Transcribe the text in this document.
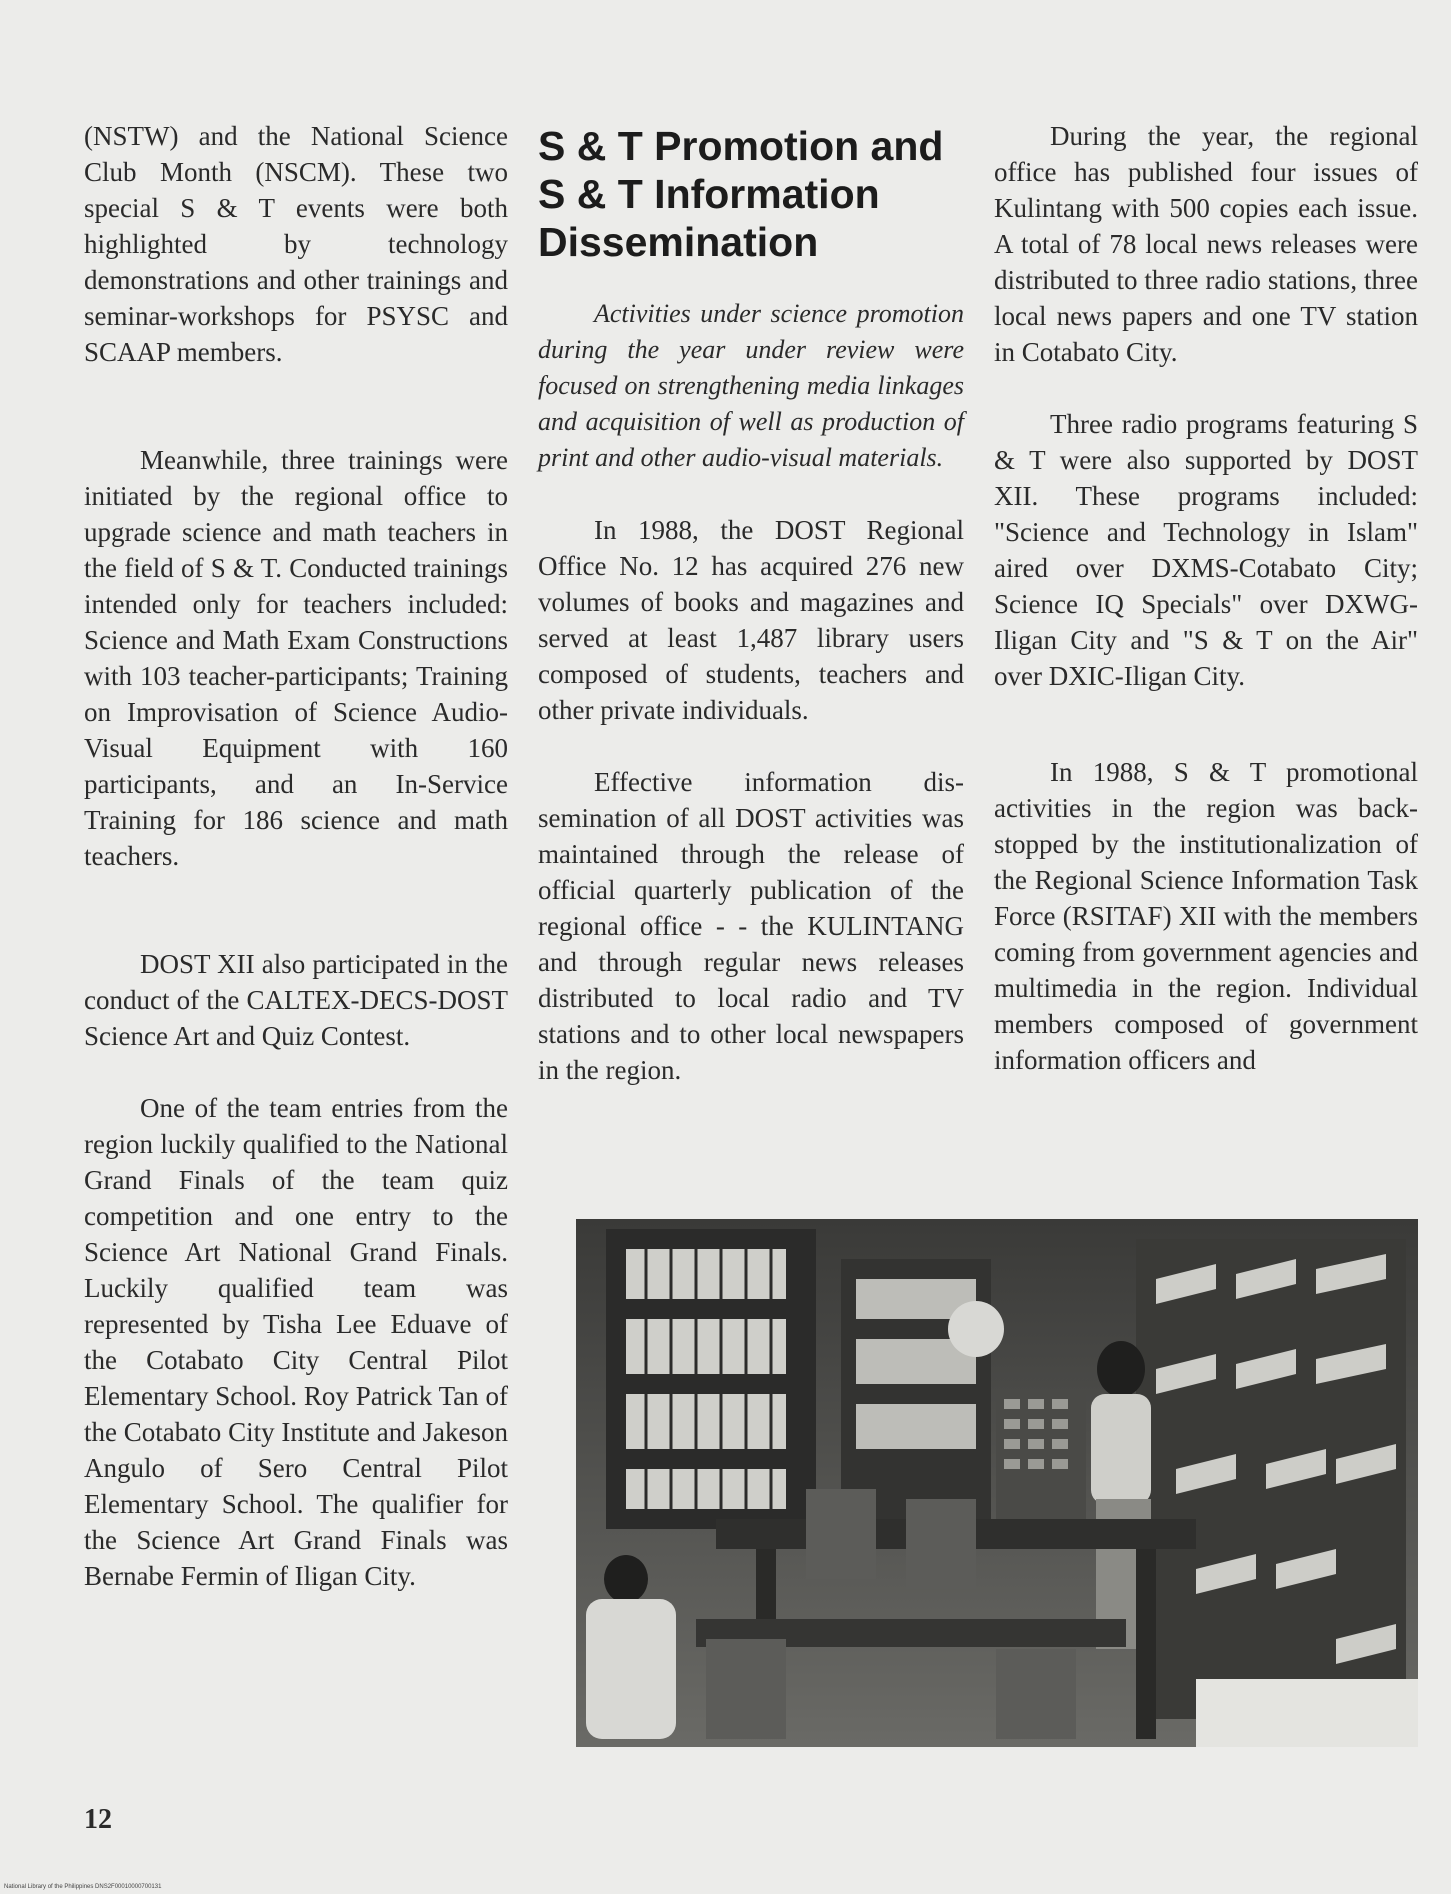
(NSTW) and the National Science Club Month (NSCM). These two special S & T events were both highlighted by technology demonstrations and other trainings and seminar-workshops for PSYSC and SCAAP members.

Meanwhile, three trainings were initiated by the regional office to upgrade science and math teachers in the field of S & T. Conducted trainings intended only for teachers included: Science and Math Exam Constructions with 103 teacher-participants; Training on Improvisation of Science Audio-Visual Equipment with 160 participants, and an In-Service Training for 186 science and math teachers.

DOST XII also participated in the conduct of the CALTEX-DECS-DOST Science Art and Quiz Contest.

One of the team entries from the region luckily qualified to the National Grand Finals of the team quiz competition and one entry to the Science Art National Grand Finals. Luckily qualified team was represented by Tisha Lee Eduave of the Cotabato City Central Pilot Elementary School. Roy Patrick Tan of the Cotabato City Institute and Jakeson Angulo of Sero Central Pilot Elementary School. The qualifier for the Science Art Grand Finals was Bernabe Fermin of Iligan City.

S & T Promotion and S & T Information Dissemination

Activities under science promotion during the year under review were focused on strengthening media linkages and acquisition of well as production of print and other audio-visual materials.

In 1988, the DOST Regional Office No. 12 has acquired 276 new volumes of books and magazines and served at least 1,487 library users composed of students, teachers and other private individuals.

Effective information dissemination of all DOST activities was maintained through the release of official quarterly publication of the regional office - - the KULINTANG and through regular news releases distributed to local radio and TV stations and to other local newspapers in the region.

During the year, the regional office has published four issues of Kulintang with 500 copies each issue. A total of 78 local news releases were distributed to three radio stations, three local news papers and one TV station in Cotabato City.

Three radio programs featuring S & T were also supported by DOST XII. These programs included: "Science and Technology in Islam" aired over DXMS-Cotabato City; Science IQ Specials" over DXWG- Iligan City and "S & T on the Air" over DXIC-Iligan City.

In 1988, S & T promotional activities in the region was backstopped by the institutionalization of the Regional Science Information Task Force (RSITAF) XII with the members coming from government agencies and multimedia in the region. Individual members composed of government information officers and

12
National Library of the Philippines DNS2F00010000700131
